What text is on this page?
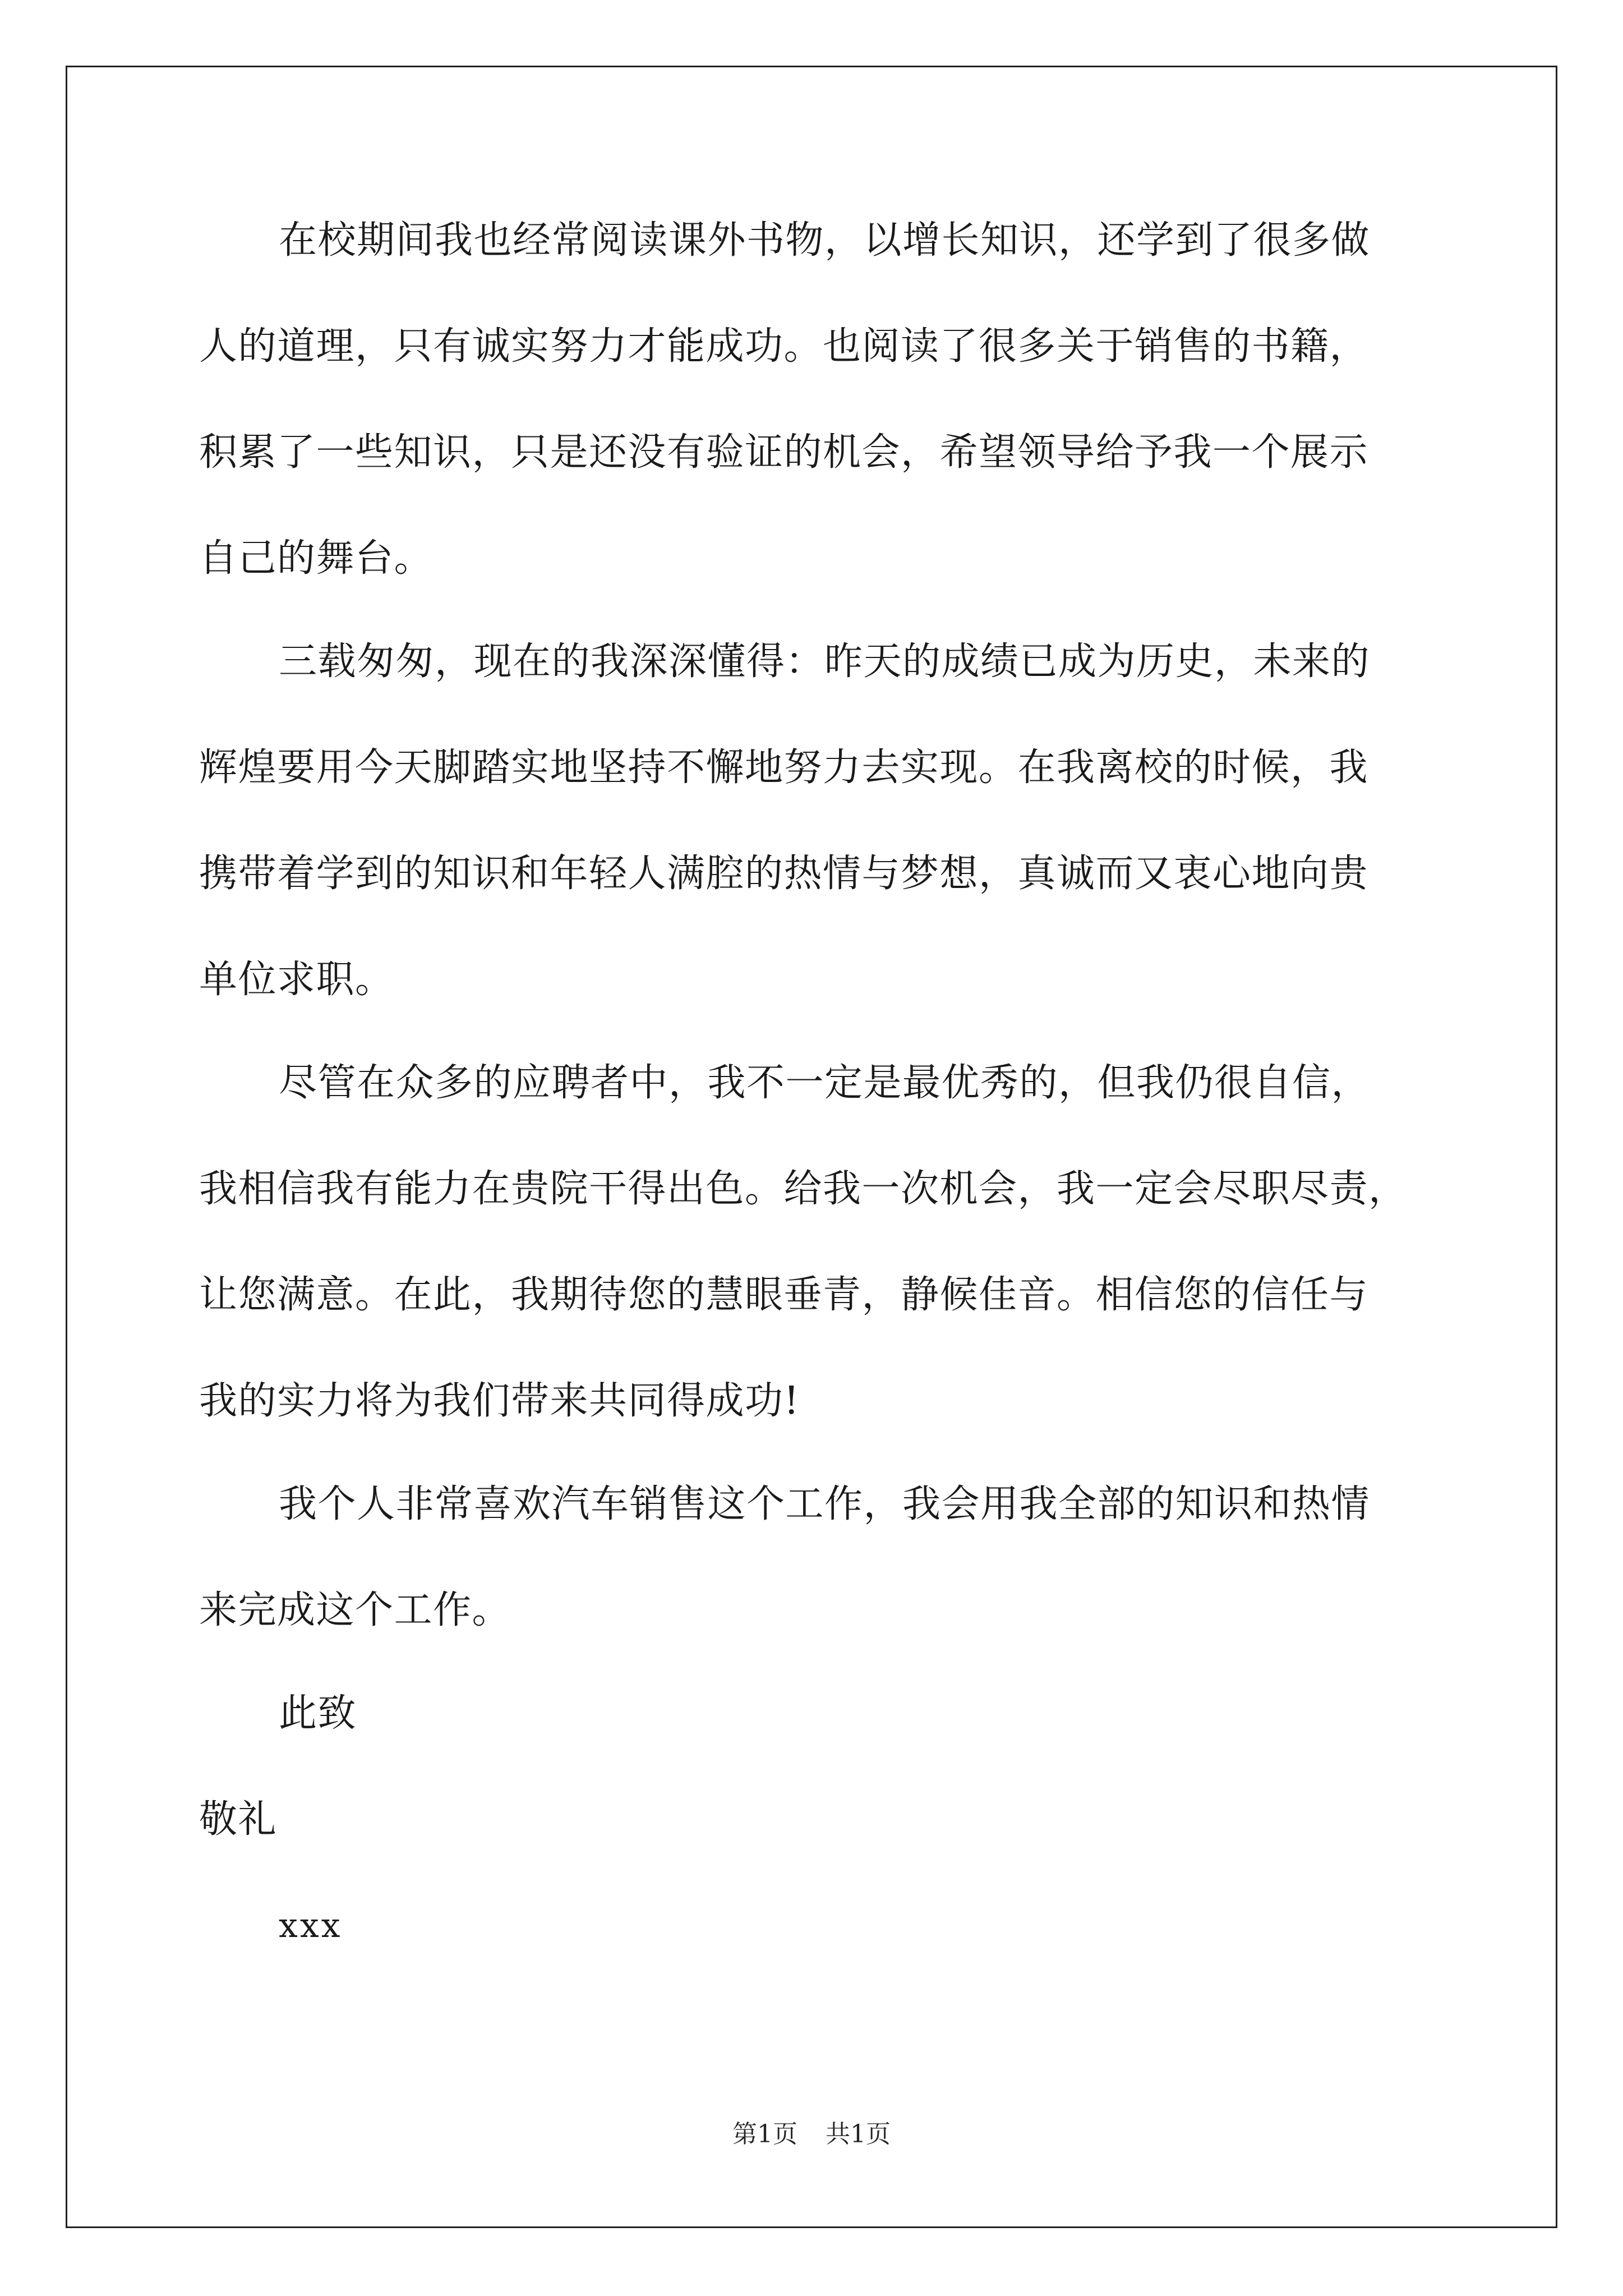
在校期间我也经常阅读课外书物，以增长知识，还学到了很多做
人的道理，只有诚实努力才能成功。也阅读了很多关于销售的书籍，
积累了一些知识，只是还没有验证的机会，希望领导给予我一个展示
自己的舞台。
三载匆匆，现在的我深深懂得：昨天的成绩已成为历史，未来的
辉煌要用今天脚踏实地坚持不懈地努力去实现。在我离校的时候，我
携带着学到的知识和年轻人满腔的热情与梦想，真诚而又衷心地向贵
单位求职。
尽管在众多的应聘者中，我不一定是最优秀的，但我仍很自信，
我相信我有能力在贵院干得出色。给我一次机会，我一定会尽职尽责，
让您满意。在此，我期待您的慧眼垂青，静候佳音。相信您的信任与
我的实力将为我们带来共同得成功!
我个人非常喜欢汽车销售这个工作，我会用我全部的知识和热情
来完成这个工作。
此致
敬礼
xxx
第1页 共1页
